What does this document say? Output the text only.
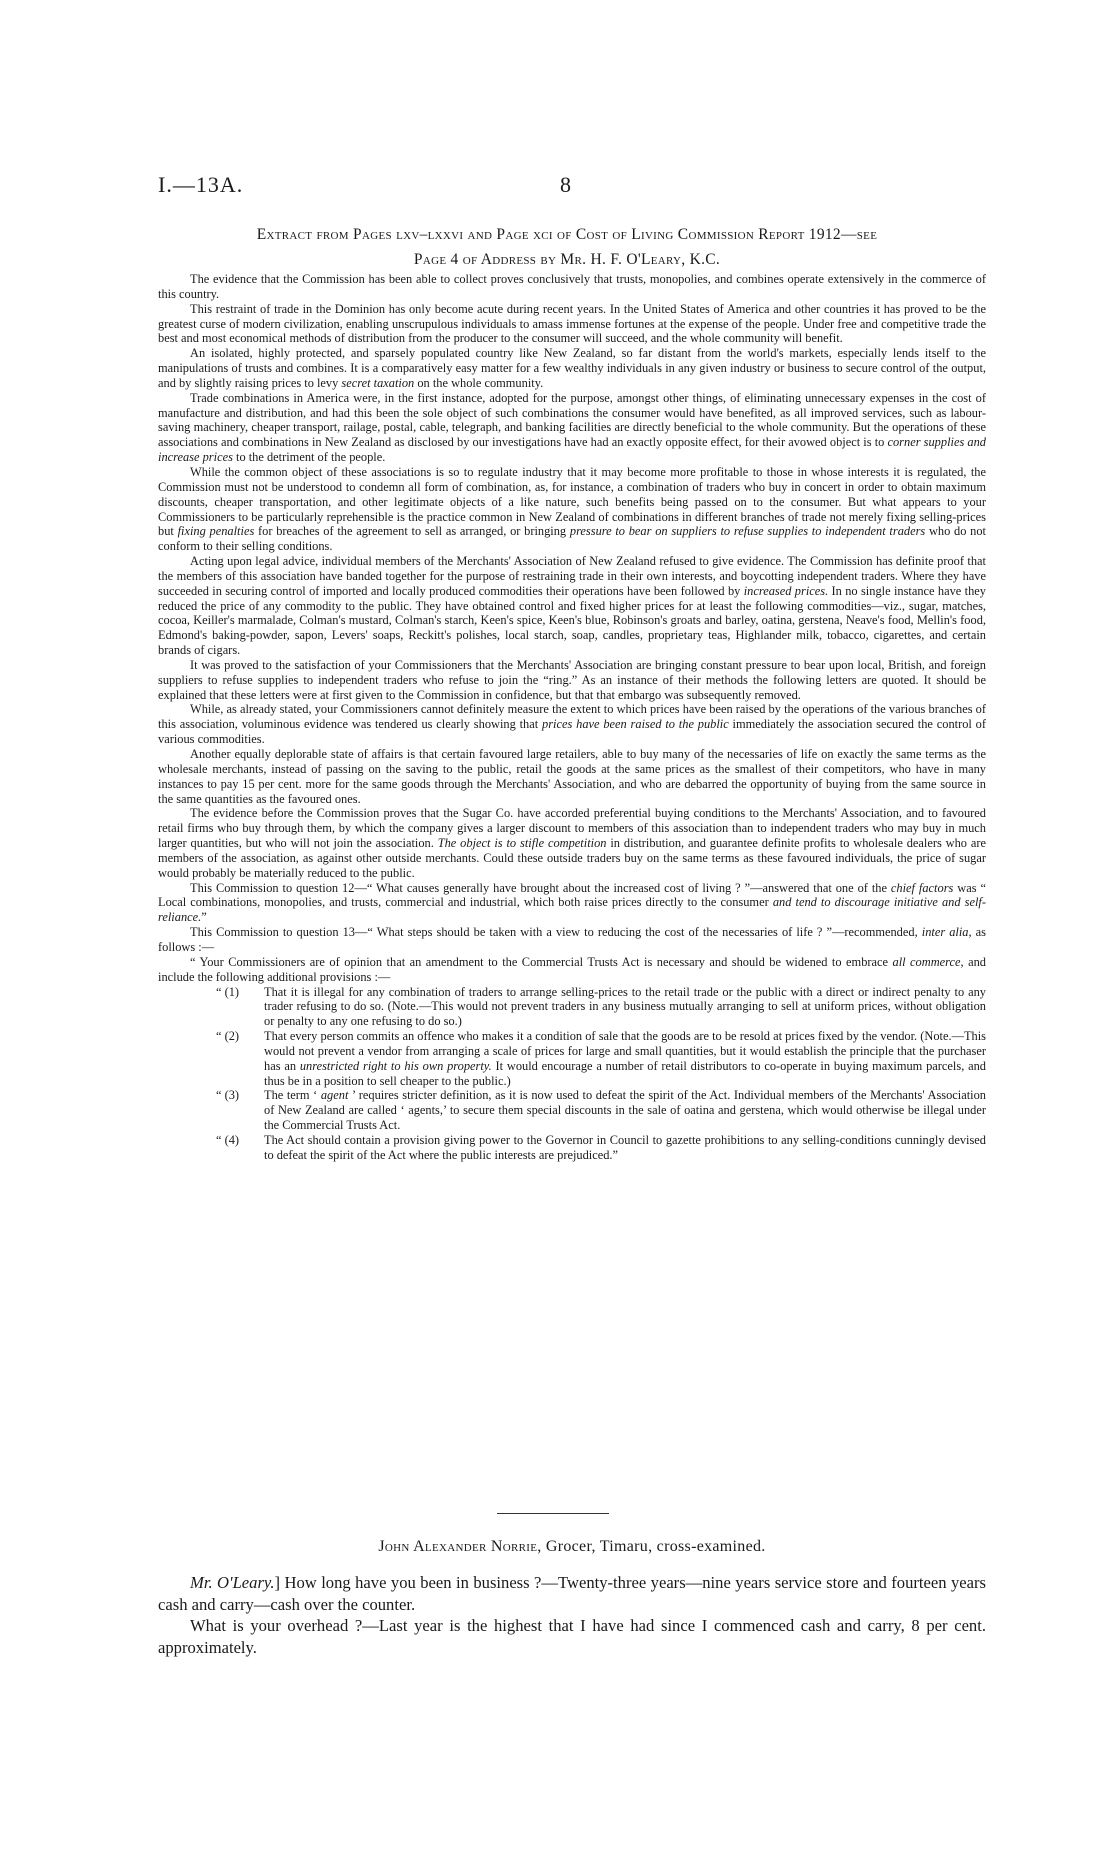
I.—13A.	8
Extract from Pages lxv–lxxvi and Page xci of Cost of Living Commission Report 1912—see
Page 4 of Address by Mr. H. F. O'Leary, K.C.

The evidence that the Commission has been able to collect proves conclusively that trusts, monopolies, and combines operate extensively in the commerce of this country.

This restraint of trade in the Dominion has only become acute during recent years. In the United States of America and other countries it has proved to be the greatest curse of modern civilization, enabling unscrupulous individuals to amass immense fortunes at the expense of the people. Under free and competitive trade the best and most economical methods of distribution from the producer to the consumer will succeed, and the whole community will benefit.

An isolated, highly protected, and sparsely populated country like New Zealand, so far distant from the world's markets, especially lends itself to the manipulations of trusts and combines. It is a comparatively easy matter for a few wealthy individuals in any given industry or business to secure control of the output, and by slightly raising prices to levy secret taxation on the whole community.

Trade combinations in America were, in the first instance, adopted for the purpose, amongst other things, of eliminating unnecessary expenses in the cost of manufacture and distribution, and had this been the sole object of such combinations the consumer would have benefited, as all improved services, such as labour-saving machinery, cheaper transport, railage, postal, cable, telegraph, and banking facilities are directly beneficial to the whole community. But the operations of these associations and combinations in New Zealand as disclosed by our investigations have had an exactly opposite effect, for their avowed object is to corner supplies and increase prices to the detriment of the people.

While the common object of these associations is so to regulate industry that it may become more profitable to those in whose interests it is regulated, the Commission must not be understood to condemn all form of combination, as, for instance, a combination of traders who buy in concert in order to obtain maximum discounts, cheaper transportation, and other legitimate objects of a like nature, such benefits being passed on to the consumer. But what appears to your Commissioners to be particularly reprehensible is the practice common in New Zealand of combinations in different branches of trade not merely fixing selling-prices but fixing penalties for breaches of the agreement to sell as arranged, or bringing pressure to bear on suppliers to refuse supplies to independent traders who do not conform to their selling conditions.

Acting upon legal advice, individual members of the Merchants' Association of New Zealand refused to give evidence. The Commission has definite proof that the members of this association have banded together for the purpose of restraining trade in their own interests, and boycotting independent traders. Where they have succeeded in securing control of imported and locally produced commodities their operations have been followed by increased prices. In no single instance have they reduced the price of any commodity to the public. They have obtained control and fixed higher prices for at least the following commodities—viz., sugar, matches, cocoa, Keiller's marmalade, Colman's mustard, Colman's starch, Keen's spice, Keen's blue, Robinson's groats and barley, oatina, gerstena, Neave's food, Mellin's food, Edmond's baking-powder, sapon, Levers' soaps, Reckitt's polishes, local starch, soap, candles, proprietary teas, Highlander milk, tobacco, cigarettes, and certain brands of cigars.

It was proved to the satisfaction of your Commissioners that the Merchants' Association are bringing constant pressure to bear upon local, British, and foreign suppliers to refuse supplies to independent traders who refuse to join the “ring.” As an instance of their methods the following letters are quoted. It should be explained that these letters were at first given to the Commission in confidence, but that that embargo was subsequently removed.

While, as already stated, your Commissioners cannot definitely measure the extent to which prices have been raised by the operations of the various branches of this association, voluminous evidence was tendered us clearly showing that prices have been raised to the public immediately the association secured the control of various commodities.

Another equally deplorable state of affairs is that certain favoured large retailers, able to buy many of the necessaries of life on exactly the same terms as the wholesale merchants, instead of passing on the saving to the public, retail the goods at the same prices as the smallest of their competitors, who have in many instances to pay 15 per cent. more for the same goods through the Merchants' Association, and who are debarred the opportunity of buying from the same source in the same quantities as the favoured ones.

The evidence before the Commission proves that the Sugar Co. have accorded preferential buying conditions to the Merchants' Association, and to favoured retail firms who buy through them, by which the company gives a larger discount to members of this association than to independent traders who may buy in much larger quantities, but who will not join the association. The object is to stifle competition in distribution, and guarantee definite profits to wholesale dealers who are members of the association, as against other outside merchants. Could these outside traders buy on the same terms as these favoured individuals, the price of sugar would probably be materially reduced to the public.

This Commission to question 12—“ What causes generally have brought about the increased cost of living ? ”—answered that one of the chief factors was “ Local combinations, monopolies, and trusts, commercial and industrial, which both raise prices directly to the consumer and tend to discourage initiative and self-reliance.”

This Commission to question 13—“ What steps should be taken with a view to reducing the cost of the necessaries of life ? ”—recommended, inter alia, as follows :—

“ Your Commissioners are of opinion that an amendment to the Commercial Trusts Act is necessary and should be widened to embrace all commerce, and include the following additional provisions :—

“ (1) That it is illegal for any combination of traders to arrange selling-prices to the retail trade or the public with a direct or indirect penalty to any trader refusing to do so. (Note.—This would not prevent traders in any business mutually arranging to sell at uniform prices, without obligation or penalty to any one refusing to do so.)
“ (2) That every person commits an offence who makes it a condition of sale that the goods are to be resold at prices fixed by the vendor. (Note.—This would not prevent a vendor from arranging a scale of prices for large and small quantities, but it would establish the principle that the purchaser has an unrestricted right to his own property. It would encourage a number of retail distributors to co-operate in buying maximum parcels, and thus be in a position to sell cheaper to the public.)
“ (3) The term ‘ agent ’ requires stricter definition, as it is now used to defeat the spirit of the Act. Individual members of the Merchants' Association of New Zealand are called ‘ agents,’ to secure them special discounts in the sale of oatina and gerstena, which would otherwise be illegal under the Commercial Trusts Act.
“ (4) The Act should contain a provision giving power to the Governor in Council to gazette prohibitions to any selling-conditions cunningly devised to defeat the spirit of the Act where the public interests are prejudiced.”
John Alexander Norrie, Grocer, Timaru, cross-examined.

Mr. O'Leary.] How long have you been in business ?—Twenty-three years—nine years service store and fourteen years cash and carry—cash over the counter.

What is your overhead ?—Last year is the highest that I have had since I commenced cash and carry, 8 per cent. approximately.
